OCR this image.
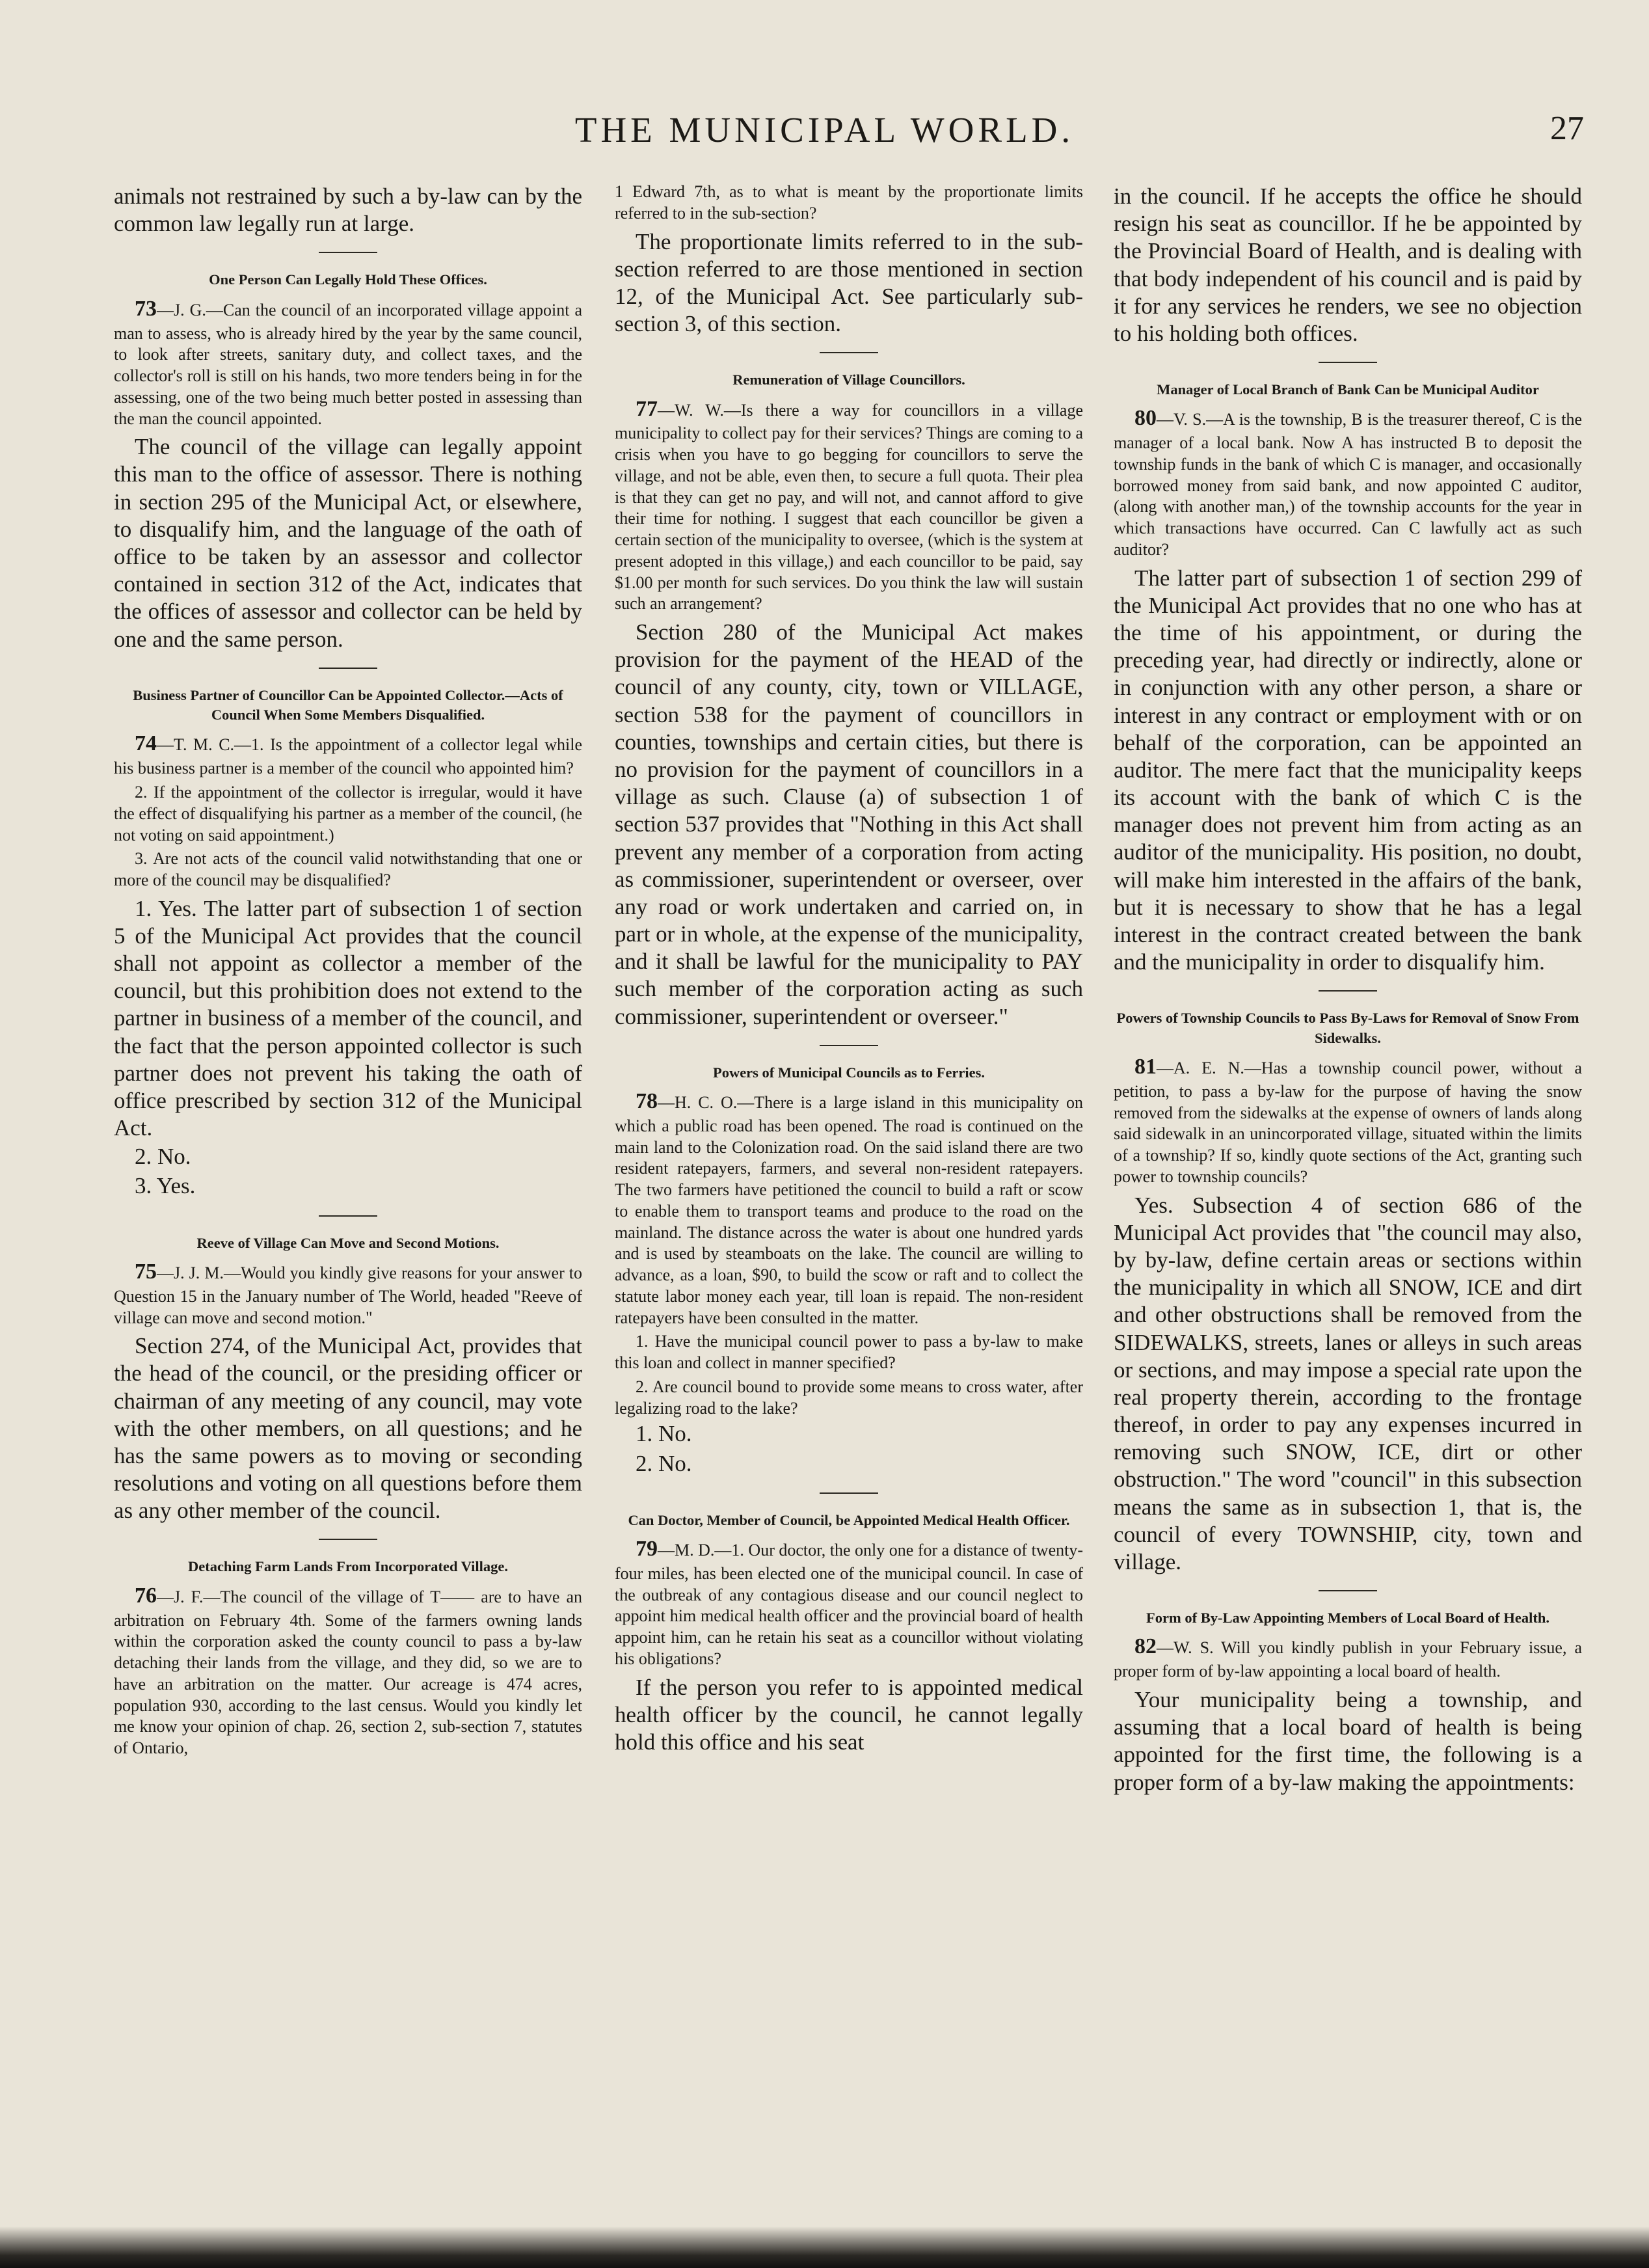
THE MUNICIPAL WORLD.	27

animals not restrained by such a by-law can by the common law legally run at large.

One Person Can Legally Hold These Offices.

73—J. G.—Can the council of an incorporated village appoint a man to assess, who is already hired by the year by the same council, to look after streets, sanitary duty, and collect taxes, and the collector's roll is still on his hands, two more tenders being in for the assessing, one of the two being much better posted in assessing than the man the council appointed.

The council of the village can legally appoint this man to the office of assessor. There is nothing in section 295 of the Municipal Act, or elsewhere, to disqualify him, and the language of the oath of office to be taken by an assessor and collector contained in section 312 of the Act, indicates that the offices of assessor and collector can be held by one and the same person.

Business Partner of Councillor Can be Appointed Collector.—Acts of Council When Some Members Disqualified.

74—T. M. C.—1. Is the appointment of a collector legal while his business partner is a member of the council who appointed him?

2. If the appointment of the collector is irregular, would it have the effect of disqualifying his partner as a member of the council, (he not voting on said appointment.)

3. Are not acts of the council valid notwithstanding that one or more of the council may be disqualified?

1. Yes. The latter part of subsection 1 of section 5 of the Municipal Act provides that the council shall not appoint as collector a member of the council, but this prohibition does not extend to the partner in business of a member of the council, and the fact that the person appointed collector is such partner does not prevent his taking the oath of office prescribed by section 312 of the Municipal Act.

2. No.

3. Yes.

Reeve of Village Can Move and Second Motions.

75—J. J. M.—Would you kindly give reasons for your answer to Question 15 in the January number of The World, headed "Reeve of village can move and second motion."

Section 274, of the Municipal Act, provides that the head of the council, or the presiding officer or chairman of any meeting of any council, may vote with the other members, on all questions; and he has the same powers as to moving or seconding resolutions and voting on all questions before them as any other member of the council.

Detaching Farm Lands From Incorporated Village.

76—J. F.—The council of the village of T—— are to have an arbitration on February 4th. Some of the farmers owning lands within the corporation asked the county council to pass a by-law detaching their lands from the village, and they did, so we are to have an arbitration on the matter. Our acreage is 474 acres, population 930, according to the last census. Would you kindly let me know your opinion of chap. 26, section 2, sub-section 7, statutes of Ontario,

1 Edward 7th, as to what is meant by the proportionate limits referred to in the sub-section?

The proportionate limits referred to in the sub-section referred to are those mentioned in section 12, of the Municipal Act. See particularly sub-section 3, of this section.

Remuneration of Village Councillors.

77—W. W.—Is there a way for councillors in a village municipality to collect pay for their services? Things are coming to a crisis when you have to go begging for councillors to serve the village, and not be able, even then, to secure a full quota. Their plea is that they can get no pay, and will not, and cannot afford to give their time for nothing. I suggest that each councillor be given a certain section of the municipality to oversee, (which is the system at present adopted in this village,) and each councillor to be paid, say $1.00 per month for such services. Do you think the law will sustain such an arrangement?

Section 280 of the Municipal Act makes provision for the payment of the HEAD of the council of any county, city, town or VILLAGE, section 538 for the payment of councillors in counties, townships and certain cities, but there is no provision for the payment of councillors in a village as such. Clause (a) of subsection 1 of section 537 provides that "Nothing in this Act shall prevent any member of a corporation from acting as commissioner, superintendent or overseer, over any road or work undertaken and carried on, in part or in whole, at the expense of the municipality, and it shall be lawful for the municipality to PAY such member of the corporation acting as such commissioner, superintendent or overseer."

Powers of Municipal Councils as to Ferries.

78—H. C. O.—There is a large island in this municipality on which a public road has been opened. The road is continued on the main land to the Colonization road. On the said island there are two resident ratepayers, farmers, and several non-resident ratepayers. The two farmers have petitioned the council to build a raft or scow to enable them to transport teams and produce to the road on the mainland. The distance across the water is about one hundred yards and is used by steamboats on the lake. The council are willing to advance, as a loan, $90, to build the scow or raft and to collect the statute labor money each year, till loan is repaid. The non-resident ratepayers have been consulted in the matter.

1. Have the municipal council power to pass a by-law to make this loan and collect in manner specified?

2. Are council bound to provide some means to cross water, after legalizing road to the lake?

1. No.

2. No.

Can Doctor, Member of Council, be Appointed Medical Health Officer.

79—M. D.—1. Our doctor, the only one for a distance of twenty-four miles, has been elected one of the municipal council. In case of the outbreak of any contagious disease and our council neglect to appoint him medical health officer and the provincial board of health appoint him, can he retain his seat as a councillor without violating his obligations?

If the person you refer to is appointed medical health officer by the council, he cannot legally hold this office and his seat

in the council. If he accepts the office he should resign his seat as councillor. If he be appointed by the Provincial Board of Health, and is dealing with that body independent of his council and is paid by it for any services he renders, we see no objection to his holding both offices.

Manager of Local Branch of Bank Can be Municipal Auditor

80—V. S.—A is the township, B is the treasurer thereof, C is the manager of a local bank. Now A has instructed B to deposit the township funds in the bank of which C is manager, and occasionally borrowed money from said bank, and now appointed C auditor, (along with another man,) of the township accounts for the year in which transactions have occurred. Can C lawfully act as such auditor?

The latter part of subsection 1 of section 299 of the Municipal Act provides that no one who has at the time of his appointment, or during the preceding year, had directly or indirectly, alone or in conjunction with any other person, a share or interest in any contract or employment with or on behalf of the corporation, can be appointed an auditor. The mere fact that the municipality keeps its account with the bank of which C is the manager does not prevent him from acting as an auditor of the municipality. His position, no doubt, will make him interested in the affairs of the bank, but it is necessary to show that he has a legal interest in the contract created between the bank and the municipality in order to disqualify him.

Powers of Township Councils to Pass By-Laws for Removal of Snow From Sidewalks.

81—A. E. N.—Has a township council power, without a petition, to pass a by-law for the purpose of having the snow removed from the sidewalks at the expense of owners of lands along said sidewalk in an unincorporated village, situated within the limits of a township? If so, kindly quote sections of the Act, granting such power to township councils?

Yes. Subsection 4 of section 686 of the Municipal Act provides that "the council may also, by by-law, define certain areas or sections within the municipality in which all SNOW, ICE and dirt and other obstructions shall be removed from the SIDEWALKS, streets, lanes or alleys in such areas or sections, and may impose a special rate upon the real property therein, according to the frontage thereof, in order to pay any expenses incurred in removing such SNOW, ICE, dirt or other obstruction." The word "council" in this subsection means the same as in subsection 1, that is, the council of every TOWNSHIP, city, town and village.

Form of By-Law Appointing Members of Local Board of Health.

82—W. S. Will you kindly publish in your February issue, a proper form of by-law appointing a local board of health.

Your municipality being a township, and assuming that a local board of health is being appointed for the first time, the following is a proper form of a by-law making the appointments:
